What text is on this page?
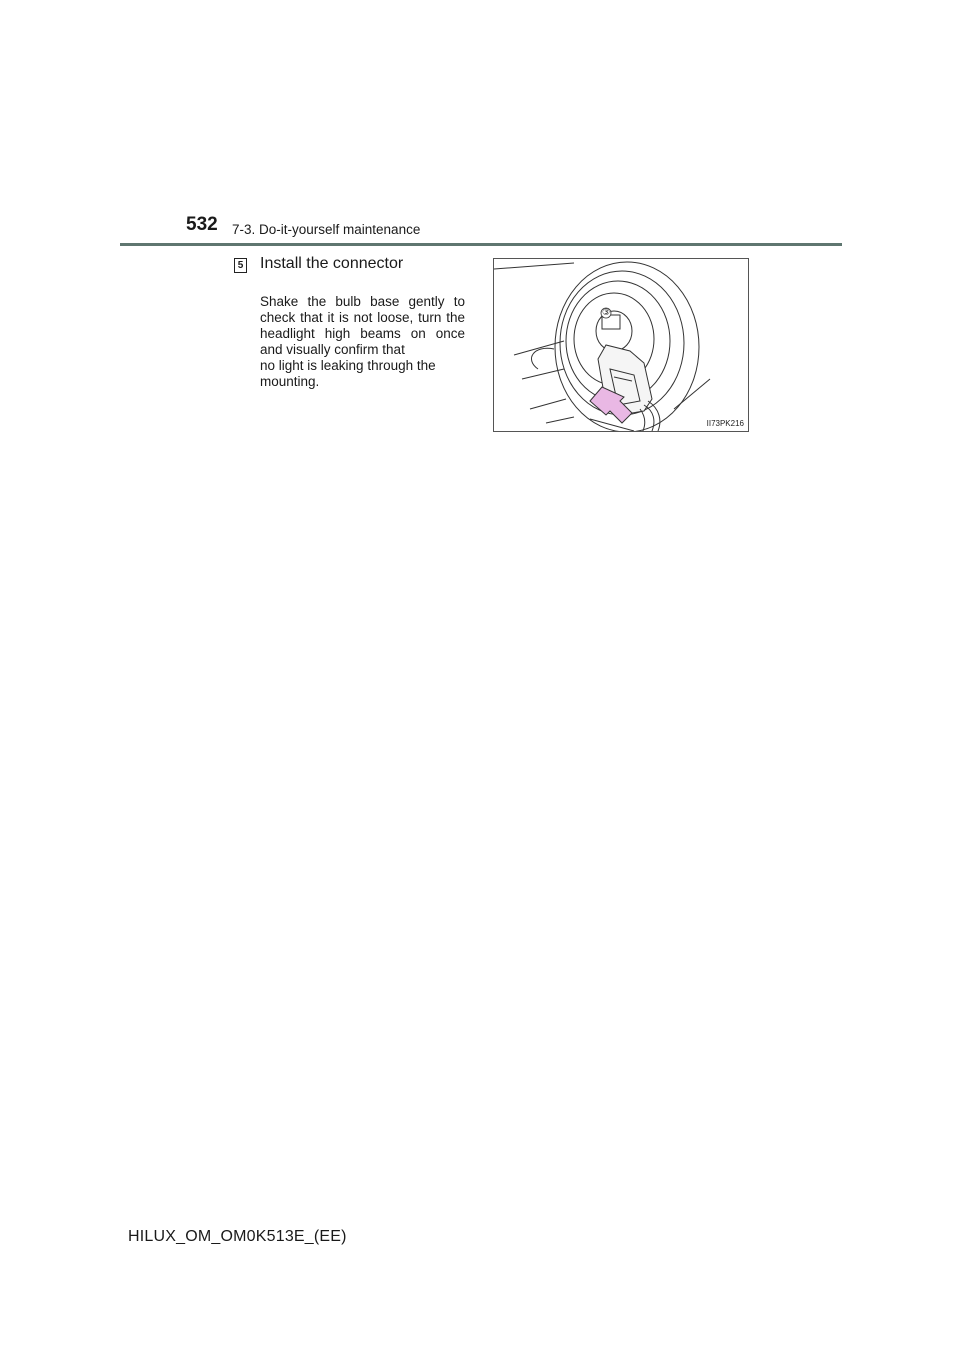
532 7-3. Do-it-yourself maintenance
5 Install the connector
Shake the bulb base gently to check that it is not loose, turn the headlight high beams on once and visually confirm that
no light is leaking through the
mounting.
③
II73PK216
HILUX_OM_OM0K513E_(EE)
